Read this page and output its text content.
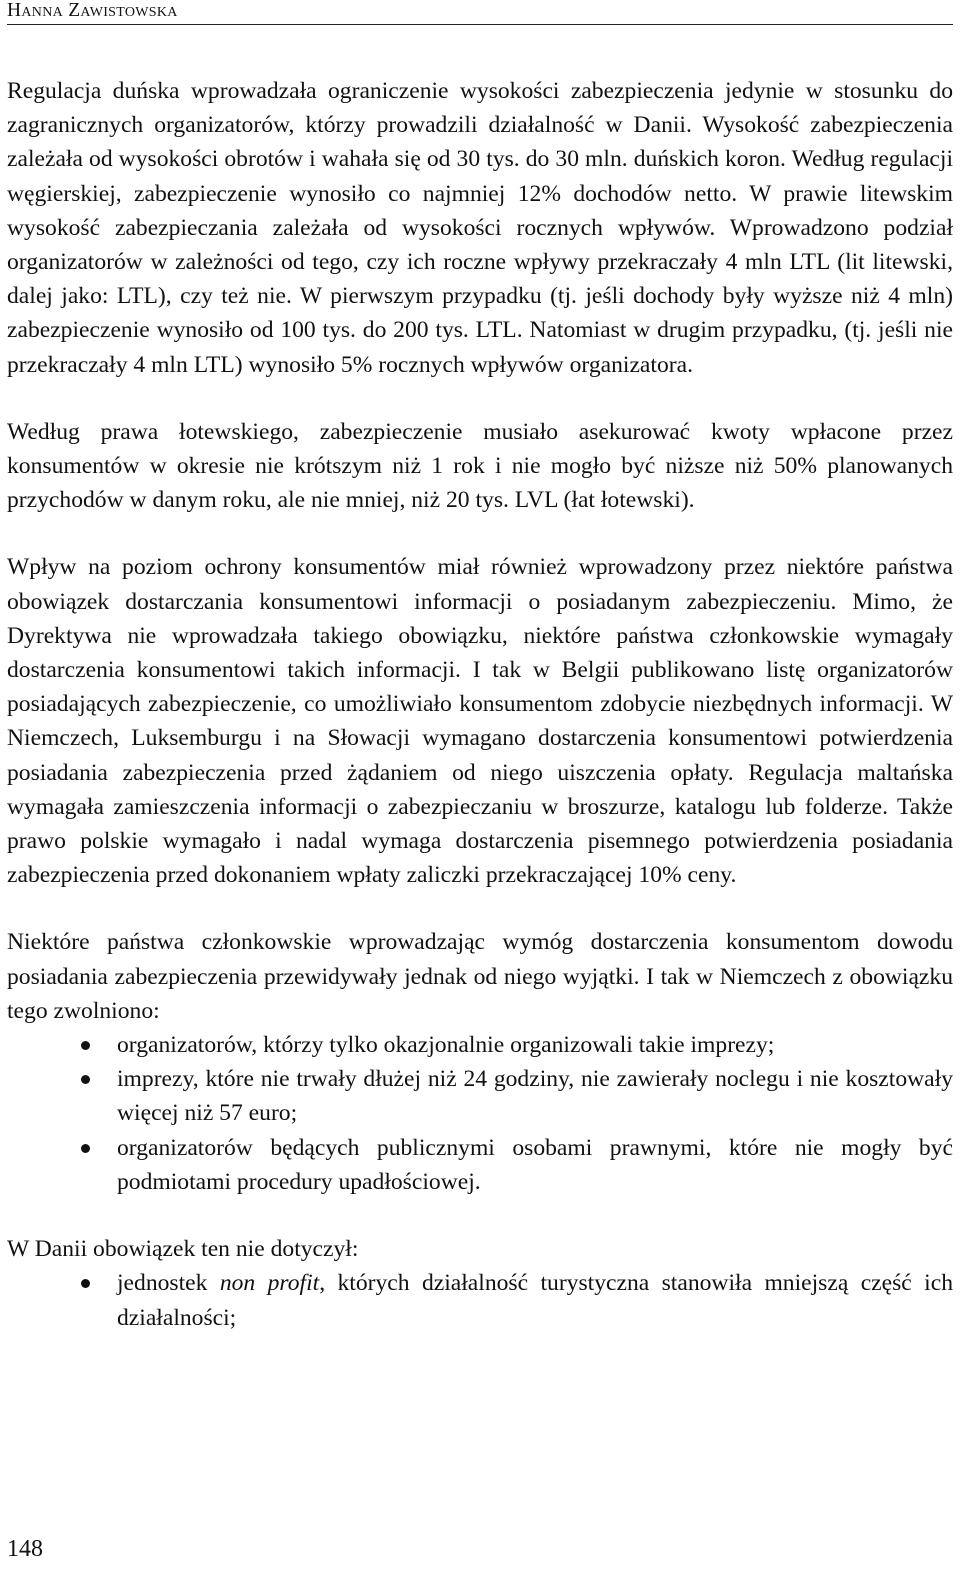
Hanna Zawistowska

Regulacja duńska wprowadzała ograniczenie wysokości zabezpieczenia jedynie w stosunku do zagranicznych organizatorów, którzy prowadzili działalność w Danii. Wysokość zabezpieczenia zależała od wysokości obrotów i wahała się od 30 tys. do 30 mln. duńskich koron. Według regulacji węgierskiej, zabezpieczenie wynosiło co najmniej 12% dochodów netto. W prawie litewskim wysokość zabezpieczania zależała od wysokości rocznych wpływów. Wprowadzono podział organizatorów w zależności od tego, czy ich roczne wpływy przekraczały 4 mln LTL (lit litewski, dalej jako: LTL), czy też nie. W pierwszym przypadku (tj. jeśli dochody były wyższe niż 4 mln) zabezpieczenie wynosiło od 100 tys. do 200 tys. LTL. Natomiast w drugim przypadku, (tj. jeśli nie przekraczały 4 mln LTL) wynosiło 5% rocznych wpływów organizatora.

Według prawa łotewskiego, zabezpieczenie musiało asekurować kwoty wpłacone przez konsumentów w okresie nie krótszym niż 1 rok i nie mogło być niższe niż 50% planowanych przychodów w danym roku, ale nie mniej, niż 20 tys. LVL (łat łotewski).

Wpływ na poziom ochrony konsumentów miał również wprowadzony przez niektóre państwa obowiązek dostarczania konsumentowi informacji o posiadanym zabezpieczeniu. Mimo, że Dyrektywa nie wprowadzała takiego obowiązku, niektóre państwa członkowskie wymagały dostarczenia konsumentowi takich informacji. I tak w Belgii publikowano listę organizatorów posiadających zabezpieczenie, co umożliwiało konsumentom zdobycie niezbędnych informacji. W Niemczech, Luksemburgu i na Słowacji wymagano dostarczenia konsumentowi potwierdzenia posiadania zabezpieczenia przed żądaniem od niego uiszczenia opłaty. Regulacja maltańska wymagała zamieszczenia informacji o zabezpieczaniu w broszurze, katalogu lub folderze. Także prawo polskie wymagało i nadal wymaga dostarczenia pisemnego potwierdzenia posiadania zabezpieczenia przed dokonaniem wpłaty zaliczki przekraczającej 10% ceny.

Niektóre państwa członkowskie wprowadzając wymóg dostarczenia konsumentom dowodu posiadania zabezpieczenia przewidywały jednak od niego wyjątki. I tak w Niemczech z obowiązku tego zwolniono:

organizatorów, którzy tylko okazjonalnie organizowali takie imprezy;
imprezy, które nie trwały dłużej niż 24 godziny, nie zawierały noclegu i nie kosztowały więcej niż 57 euro;
organizatorów będących publicznymi osobami prawnymi, które nie mogły być podmiotami procedury upadłościowej.

W Danii obowiązek ten nie dotyczył:

jednostek non profit, których działalność turystyczna stanowiła mniejszą część ich działalności;
148
